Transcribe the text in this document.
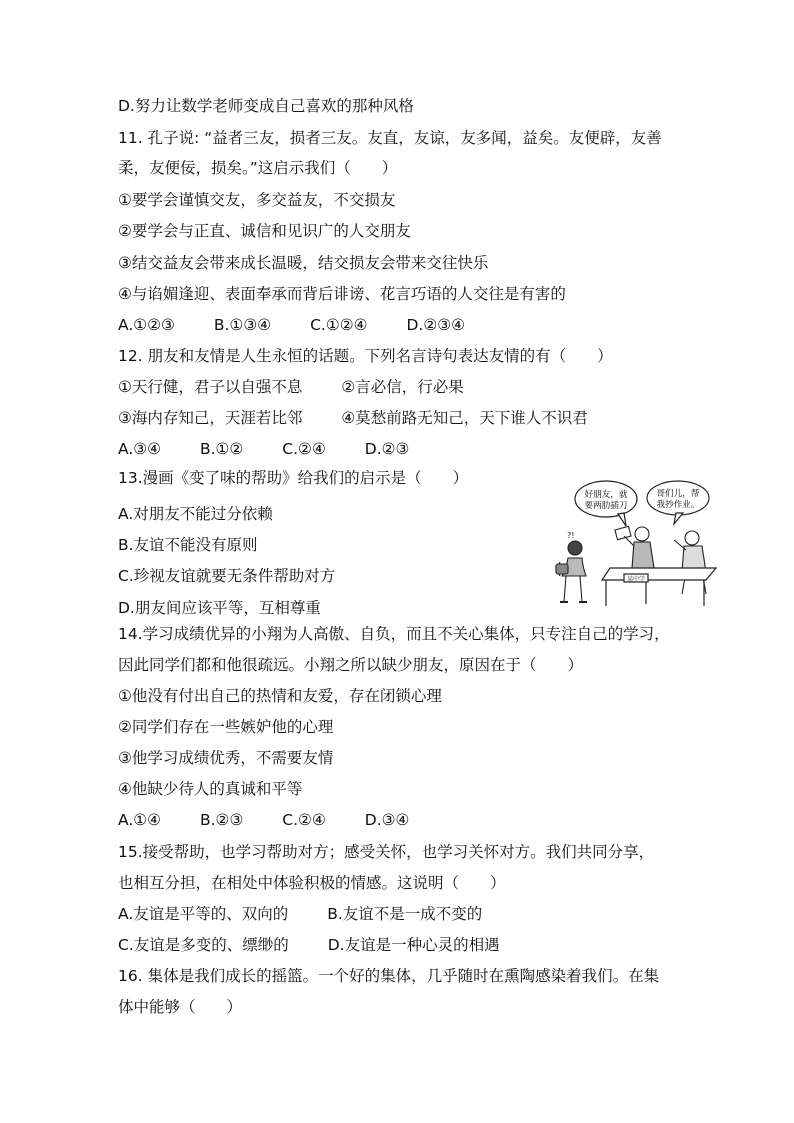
D.努力让数学老师变成自己喜欢的那种风格
11. 孔子说: “益者三友，损者三友。友直，友谅，友多闻，益矣。友便辟，友善
柔，友便佞，损矣。”这启示我们（　　）
①要学会谨慎交友，多交益友，不交损友
②要学会与正直、诚信和见识广的人交朋友
③结交益友会带来成长温暖，结交损友会带来交往快乐
④与谄媚逢迎、表面奉承而背后诽谤、花言巧语的人交往是有害的
A.①②③	B.①③④	C.①②④	D.②③④
12. 朋友和友情是人生永恒的话题。下列名言诗句表达友情的有（　　）
①天行健，君子以自强不息	②言必信，行必果
③海内存知己，天涯若比邻	④莫愁前路无知己，天下谁人不识君
A.③④	B.①②	C.②④	D.②③
13.漫画《变了味的帮助》给我们的启示是（　　）
A.对朋友不能过分依赖
B.友谊不能没有原则
C.珍视友谊就要无条件帮助对方
D.朋友间应该平等，互相尊重
好朋友，就
要两肋插刀
哥们儿，帮
我抄作业。
?!
某中学
14.学习成绩优异的小翔为人高傲、自负，而且不关心集体，只专注自己的学习，
因此同学们都和他很疏远。小翔之所以缺少朋友，原因在于（　　）
①他没有付出自己的热情和友爱，存在闭锁心理
②同学们存在一些嫉妒他的心理
③他学习成绩优秀，不需要友情
④他缺少待人的真诚和平等
A.①④	B.②③	C.②④	D.③④
15.接受帮助，也学习帮助对方；感受关怀，也学习关怀对方。我们共同分享，
也相互分担，在相处中体验积极的情感。这说明（　　）
A.友谊是平等的、双向的	B.友谊不是一成不变的
C.友谊是多变的、缥缈的	D.友谊是一种心灵的相遇
16. 集体是我们成长的摇篮。一个好的集体，几乎随时在熏陶感染着我们。在集
体中能够（　　）
